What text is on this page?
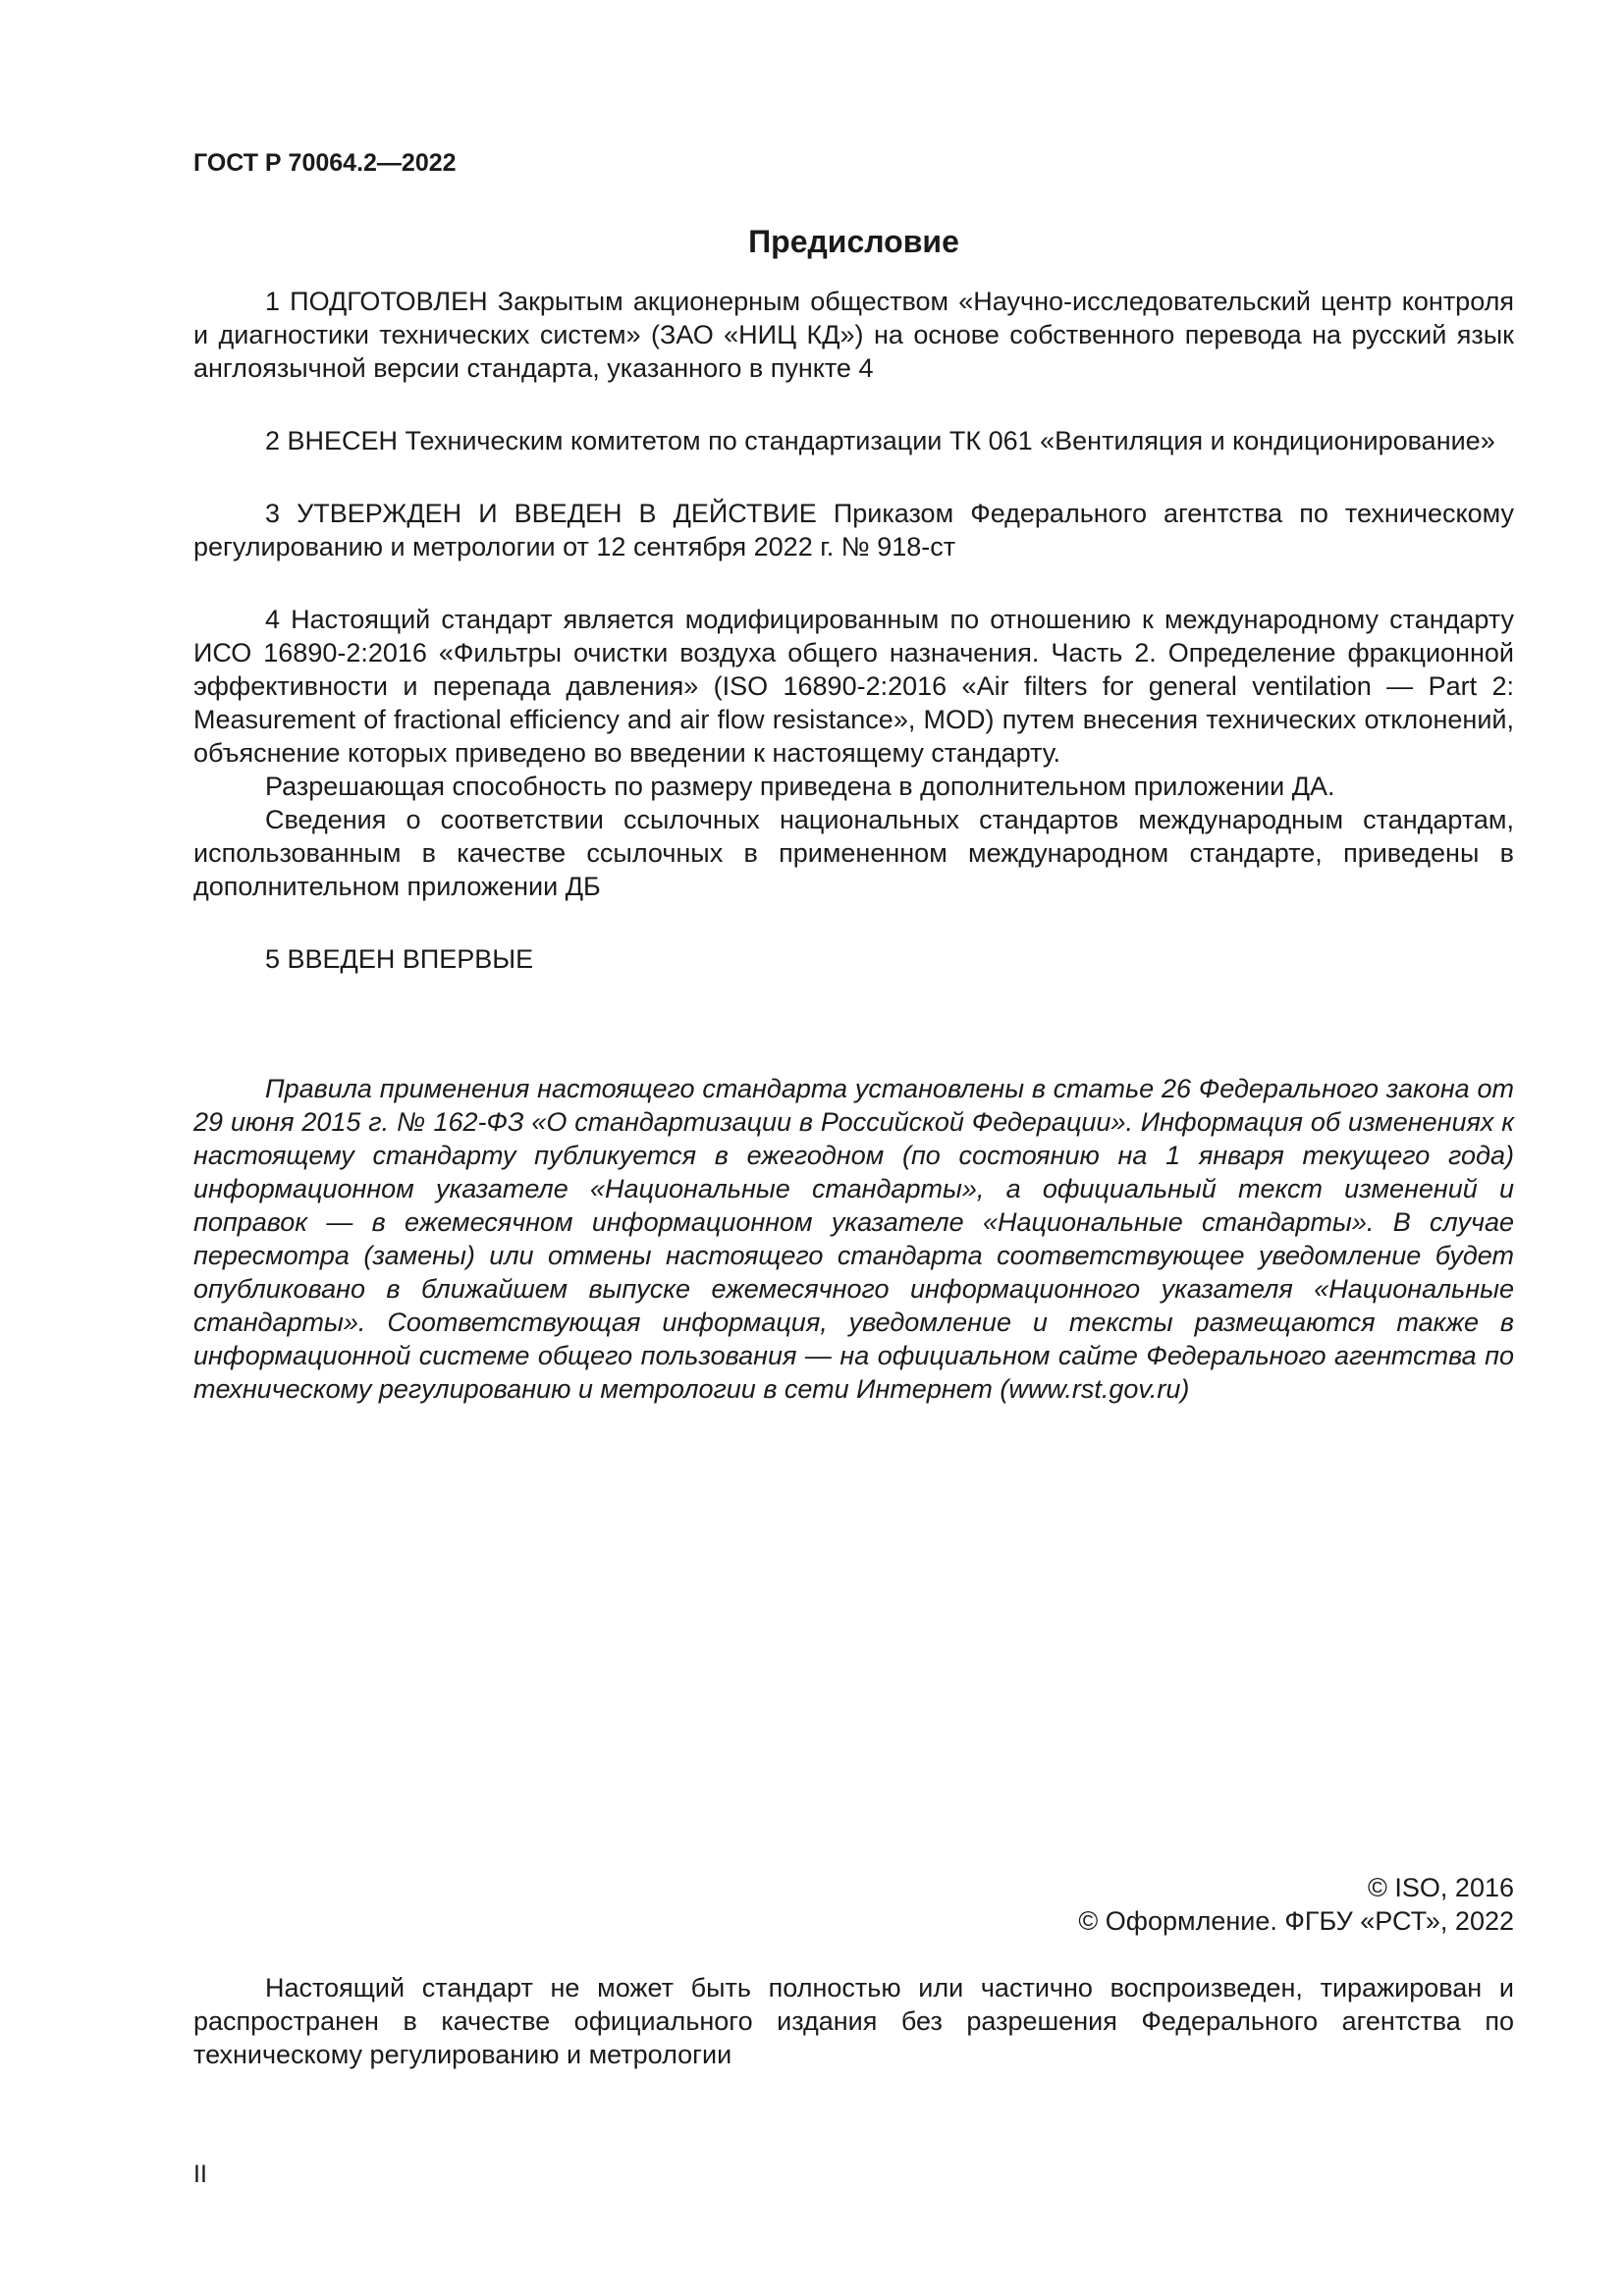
ГОСТ Р 70064.2—2022
Предисловие

1 ПОДГОТОВЛЕН Закрытым акционерным обществом «Научно-исследовательский центр контроля и диагностики технических систем» (ЗАО «НИЦ КД») на основе собственного перевода на русский язык англоязычной версии стандарта, указанного в пункте 4

2 ВНЕСЕН Техническим комитетом по стандартизации ТК 061 «Вентиляция и кондиционирование»

3 УТВЕРЖДЕН И ВВЕДЕН В ДЕЙСТВИЕ Приказом Федерального агентства по техническому регулированию и метрологии от 12 сентября 2022 г. № 918-ст

4 Настоящий стандарт является модифицированным по отношению к международному стандарту ИСО 16890-2:2016 «Фильтры очистки воздуха общего назначения. Часть 2. Определение фракционной эффективности и перепада давления» (ISO 16890-2:2016 «Air filters for general ventilation — Part 2: Measurement of fractional efficiency and air flow resistance», MOD) путем внесения технических отклонений, объяснение которых приведено во введении к настоящему стандарту.

Разрешающая способность по размеру приведена в дополнительном приложении ДА.

Сведения о соответствии ссылочных национальных стандартов международным стандартам, использованным в качестве ссылочных в примененном международном стандарте, приведены в дополнительном приложении ДБ

5 ВВЕДЕН ВПЕРВЫЕ

Правила применения настоящего стандарта установлены в статье 26 Федерального закона от 29 июня 2015 г. № 162-ФЗ «О стандартизации в Российской Федерации». Информация об изменениях к настоящему стандарту публикуется в ежегодном (по состоянию на 1 января текущего года) информационном указателе «Национальные стандарты», а официальный текст изменений и поправок — в ежемесячном информационном указателе «Национальные стандарты». В случае пересмотра (замены) или отмены настоящего стандарта соответствующее уведомление будет опубликовано в ближайшем выпуске ежемесячного информационного указателя «Национальные стандарты». Соответствующая информация, уведомление и тексты размещаются также в информационной системе общего пользования — на официальном сайте Федерального агентства по техническому регулированию и метрологии в сети Интернет (www.rst.gov.ru)

© ISO, 2016
© Оформление. ФГБУ «РСТ», 2022

Настоящий стандарт не может быть полностью или частично воспроизведен, тиражирован и распространен в качестве официального издания без разрешения Федерального агентства по техническому регулированию и метрологии

II
